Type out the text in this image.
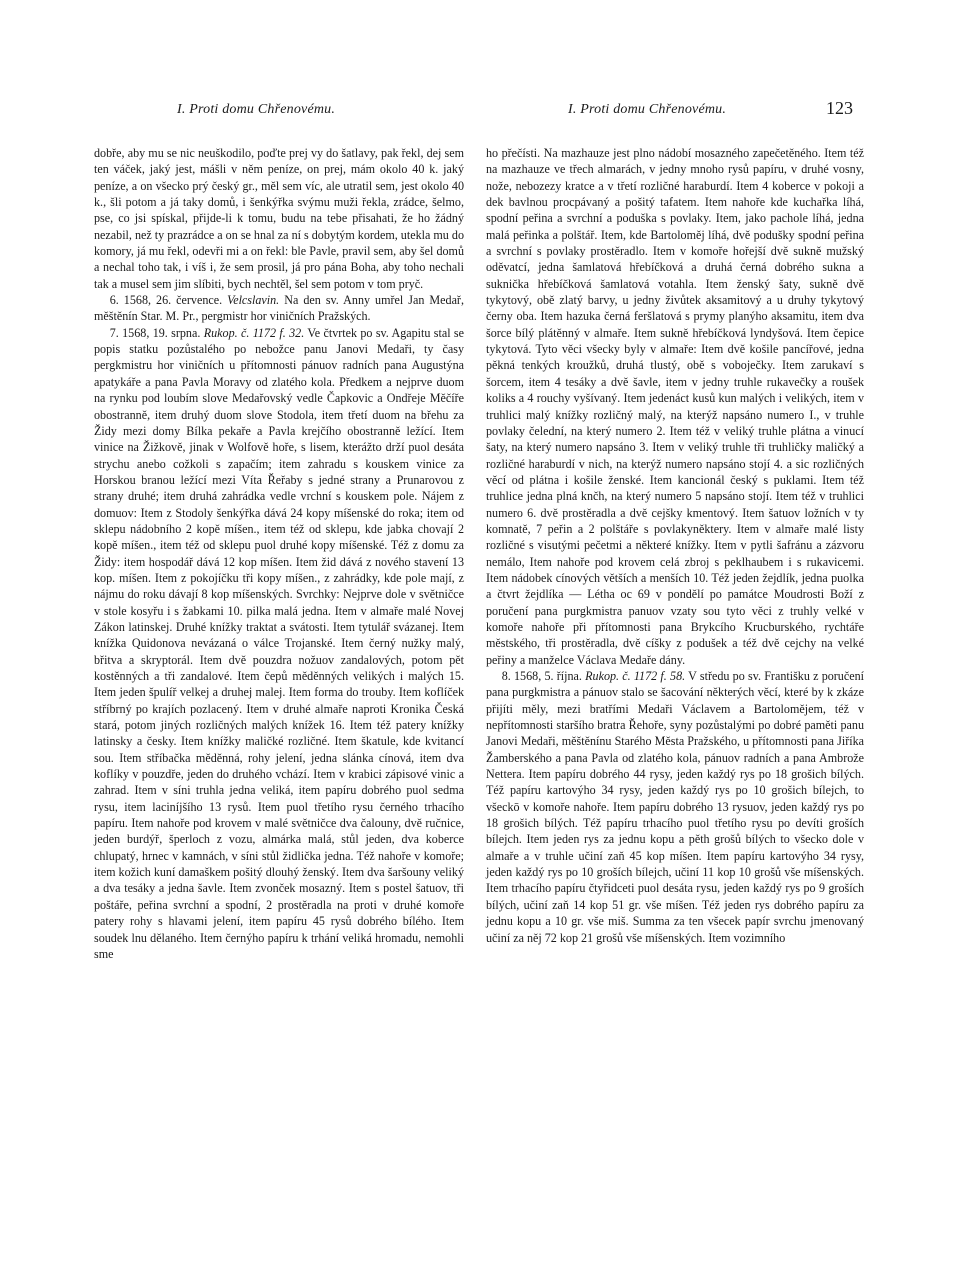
I. Proti domu Chřenovému.	I. Proti domu Chřenovému.	123

dobře, aby mu se nic neuškodilo, poďte prej vy do šatlavy, pak řekl, dej sem ten váček, jaký jest, mášli v něm peníze, on prej, mám okolo 40 k. jaký peníze, a on všecko prý český gr., měl sem víc, ale utratil sem, jest okolo 40 k., šli potom a já taky domů, i šenkýřka svýmu muži řekla, zrádce, šelmo, pse, co jsi spískal, přijde-li k tomu, budu na tebe přisahati, že ho žádný nezabil, než ty prazrádce a on se hnal za ní s dobytým kordem, utekla mu do komory, já mu řekl, odevři mi a on řekl: ble Pavle, pravil sem, aby šel domů a nechal toho tak, i víš i, že sem prosil, já pro pána Boha, aby toho nechali tak a musel sem jim slíbiti, bych nechtěl, šel sem potom v tom pryč.

6. 1568, 26. července. Velcslavin. Na den sv. Anny umřel Jan Medař, měštěnín Star. M. Pr., pergmistr hor viničních Pražských.

7. 1568, 19. srpna. Rukop. č. 1172 f. 32. Ve čtvrtek po sv. Agapitu stal se popis statku pozůstalého po nebožce panu Janovi Medaři, ty časy pergkmistru hor viničních u přítomnosti pánuov radních pana Augustýna apatykáře a pana Pavla Moravy od zlatého kola. Předkem a nejprve duom na rynku pod loubím slove Medařovský vedle Čapkovic a Ondřeje Měčíře obostranně, item druhý duom slove Stodola, item třetí duom na břehu za Židy mezi domy Bílka pekaře a Pavla krejčího obostranně ležící. Item vinice na Žižkově, jinak v Wolfově hoře, s lisem, kterážto drží puol desáta strychu anebo cožkoli s zapačím; item zahradu s kouskem vinice za Horskou branou ležící mezi Víta Řeřaby s jedné strany a Prunarovou z strany druhé; item druhá zahrádka vedle vrchní s kouskem pole. Nájem z domuov: Item z Stodoly šenkýřka dává 24 kopy míšenské do roka; item od sklepu nádobního 2 kopě míšen., item též od sklepu, kde jabka chovají 2 kopě míšen., item též od sklepu puol druhé kopy míšenské. Též z domu za Židy: item hospodář dává 12 kop míšen. Item žid dává z nového stavení 13 kop. míšen. Item z pokojíčku tři kopy míšen., z zahrádky, kde pole mají, z nájmu do roku dávají 8 kop míšenských. Svrchky: Nejprve dole v světničce v stole kosyřu i s žabkami 10. pilka malá jedna. Item v almaře malé Novej Zákon latinskej. Druhé knížky traktat a svátosti. Item tytulář svázanej. Item knížka Quidonova nevázaná o válce Trojanské. Item černý nužky malý, břitva a skryptorál. Item dvě pouzdra nožuov zandalových, potom pět kostěnných a tři zandalové. Item čepů měděnných velikých i malých 15. Item jeden špulíř velkej a druhej malej. Item forma do trouby. Item koflíček stříbrný po krajích pozlacený. Item v druhé almaře naproti Kronika Česká stará, potom jiných rozličných malých knížek 16. Item též patery knížky latinsky a česky. Item knížky maličké rozličné. Item škatule, kde kvitancí sou. Item stříbačka měděnná, rohy jelení, jedna slánka cínová, item dva koflíky v pouzdře, jeden do druhého vchází. Item v krabici zápisové vinic a zahrad. Item v síni truhla jedna veliká, item papíru dobrého puol sedma rysu, item laciníjšího 13 rysů. Item puol třetího rysu černého trhacího papíru. Item nahoře pod krovem v malé světničce dva čalouny, dvě ručnice, jeden burdýř, šperloch z vozu, almárka malá, stůl jeden, dva koberce chlupatý, hrnec v kamnách, v síni stůl židlička jedna. Též nahoře v komoře; item kožich kuní damaškem pošitý dlouhý ženský. Item dva šaršouny veliký a dva tesáky a jedna šavle. Item zvonček mosazný. Item s postel šatuov, tři poštáře, peřina svrchní a spodní, 2 prostěradla na proti v druhé komoře patery rohy s hlavami jelení, item papíru 45 rysů dobrého bílého. Item soudek lnu dělaného. Item černýho papíru k trhání veliká hromadu, nemohli sme

ho přečísti. Na mazhauze jest plno nádobí mosazného zapečetěného. Item též na mazhauze ve třech almarách, v jedny mnoho rysů papíru, v druhé vosny, nože, nebozezy kratce a v třetí rozličné haraburdí. Item 4 koberce v pokoji a dek bavlnou procpávaný a pošitý tafatem. Item nahoře kde kuchařka líhá, spodní peřina a svrchní a poduška s povlaky. Item, jako pachole líhá, jedna malá peřinka a polštář. Item, kde Bartoloměj líhá, dvě podušky spodní peřina a svrchní s povlaky prostěradlo. Item v komoře hořejší dvě sukně mužský oděvatcí, jedna šamlatová hřebíčková a druhá černá dobrého sukna a suknička hřebíčková šamlatová votahla. Item ženský šaty, sukně dvě tykytový, obě zlatý barvy, u jedny živůtek aksamitový a u druhy tykytový černy oba. Item hazuka černá feršlatová s prymy planýho aksamitu, item dva šorce bílý plátěnný v almaře. Item sukně hřebíčková lyndyšová. Item čepice tykytová. Tyto věci všecky byly v almaře: Item dvě košile pancířové, jedna pěkná tenkých kroužků, druhá tlustý, obě s voboječky. Item zarukaví s šorcem, item 4 tesáky a dvě šavle, item v jedny truhle rukavečky a roušek koliks a 4 rouchy vyšívaný. Item jedenáct kusů kun malých i velikých, item v truhlici malý knížky rozličný malý, na kterýž napsáno numero I., v truhle povlaky čelední, na který numero 2. Item též v veliký truhle plátna a vinucí šaty, na který numero napsáno 3. Item v veliký truhle tři truhličky maličký a rozličné haraburdí v nich, na kterýž numero napsáno stojí 4. a sic rozličných věcí od plátna i košile ženské. Item kancionál český s puklami. Item též truhlice jedna plná knčh, na který numero 5 napsáno stojí. Item též v truhlici numero 6. dvě prostěradla a dvě cejšky kmentový. Item šatuov ložních v ty komnatě, 7 peřin a 2 polštáře s povlakyněktery. Item v almaře malé listy rozličné s visutými pečetmi a některé knížky. Item v pytli šafránu a zázvoru nemálo, Item nahoře pod krovem celá zbroj s peklhaubem i s rukavicemi. Item nádobek cínových větších a menších 10. Též jeden žejdlík, jedna puolka a čtvrt žejdlíka — Létha oc 69 v pondělí po památce Moudrosti Boží z poručení pana purgkmistra panuov vzaty sou tyto věci z truhly velké v komoře nahoře při přítomnosti pana Brykcího Krucburského, rychtáře městského, tři prostěradla, dvě cíšky z podušek a též dvě cejchy na velké peřiny a manželce Václava Medaře dány.

8. 1568, 5. října. Rukop. č. 1172 f. 58. V středu po sv. Františku z poručení pana purgkmistra a pánuov stalo se šacování některých věcí, které by k zkáze přijíti měly, mezi bratřími Medaři Václavem a Bartolomějem, též v nepřítomnosti staršího bratra Řehoře, syny pozůstalými po dobré paměti panu Janovi Medaři, měštěnínu Starého Města Pražského, u přítomnosti pana Jiříka Žamberského a pana Pavla od zlatého kola, pánuov radních a pana Ambrože Nettera. Item papíru dobrého 44 rysy, jeden každý rys po 18 grošich bílých. Též papíru kartovýho 34 rysy, jeden každý rys po 10 grošich bílejch, to všeckō v komoře nahoře. Item papíru dobrého 13 rysuov, jeden každý rys po 18 grošich bílých. Též papíru trhacího puol třetího rysu po devíti groších bílejch. Item jeden rys za jednu kopu a pěth grošů bílých to všecko dole v almaře a v truhle učiní zaň 45 kop míšen. Item papíru kartovýho 34 rysy, jeden každý rys po 10 groších bílejch, učiní 11 kop 10 grošů vše míšenských. Item trhacího papíru čtyřidceti puol desáta rysu, jeden každý rys po 9 groších bílých, učiní zaň 14 kop 51 gr. vše míšen. Též jeden rys dobrého papíru za jednu kopu a 10 gr. vše miš. Summa za ten všecek papír svrchu jmenovaný učiní za něj 72 kop 21 grošů vše míšenských. Item vozimního
